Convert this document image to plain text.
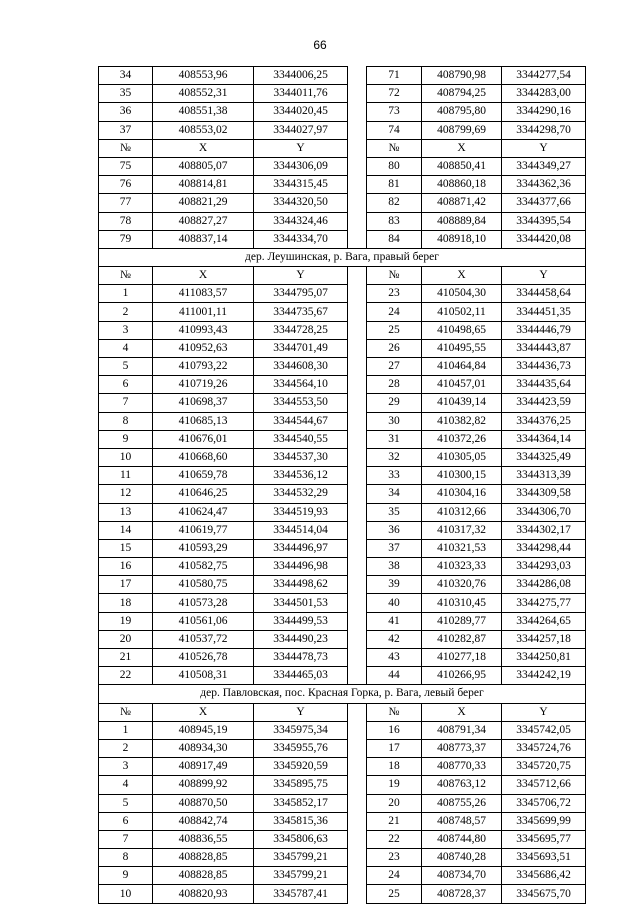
66
34	408553,96	3344006,25		71	408790,98	3344277,54
35	408552,31	3344011,76		72	408794,25	3344283,00
36	408551,38	3344020,45		73	408795,80	3344290,16
37	408553,02	3344027,97		74	408799,69	3344298,70
№	X	Y		№	X	Y
75	408805,07	3344306,09		80	408850,41	3344349,27
76	408814,81	3344315,45		81	408860,18	3344362,36
77	408821,29	3344320,50		82	408871,42	3344377,66
78	408827,27	3344324,46		83	408889,84	3344395,54
79	408837,14	3344334,70		84	408918,10	3344420,08
дер. Леушинская, р. Вага, правый берег						
№	X	Y		№	X	Y
1	411083,57	3344795,07		23	410504,30	3344458,64
2	411001,11	3344735,67		24	410502,11	3344451,35
3	410993,43	3344728,25		25	410498,65	3344446,79
4	410952,63	3344701,49		26	410495,55	3344443,87
5	410793,22	3344608,30		27	410464,84	3344436,73
6	410719,26	3344564,10		28	410457,01	3344435,64
7	410698,37	3344553,50		29	410439,14	3344423,59
8	410685,13	3344544,67		30	410382,82	3344376,25
9	410676,01	3344540,55		31	410372,26	3344364,14
10	410668,60	3344537,30		32	410305,05	3344325,49
11	410659,78	3344536,12		33	410300,15	3344313,39
12	410646,25	3344532,29		34	410304,16	3344309,58
13	410624,47	3344519,93		35	410312,66	3344306,70
14	410619,77	3344514,04		36	410317,32	3344302,17
15	410593,29	3344496,97		37	410321,53	3344298,44
16	410582,75	3344496,98		38	410323,33	3344293,03
17	410580,75	3344498,62		39	410320,76	3344286,08
18	410573,28	3344501,53		40	410310,45	3344275,77
19	410561,06	3344499,53		41	410289,77	3344264,65
20	410537,72	3344490,23		42	410282,87	3344257,18
21	410526,78	3344478,73		43	410277,18	3344250,81
22	410508,31	3344465,03		44	410266,95	3344242,19
дер. Павловская, пос. Красная Горка, р. Вага, левый берег						
№	X	Y		№	X	Y
1	408945,19	3345975,34		16	408791,34	3345742,05
2	408934,30	3345955,76		17	408773,37	3345724,76
3	408917,49	3345920,59		18	408770,33	3345720,75
4	408899,92	3345895,75		19	408763,12	3345712,66
5	408870,50	3345852,17		20	408755,26	3345706,72
6	408842,74	3345815,36		21	408748,57	3345699,99
7	408836,55	3345806,63		22	408744,80	3345695,77
8	408828,85	3345799,21		23	408740,28	3345693,51
9	408828,85	3345799,21		24	408734,70	3345686,42
10	408820,93	3345787,41		25	408728,37	3345675,70
